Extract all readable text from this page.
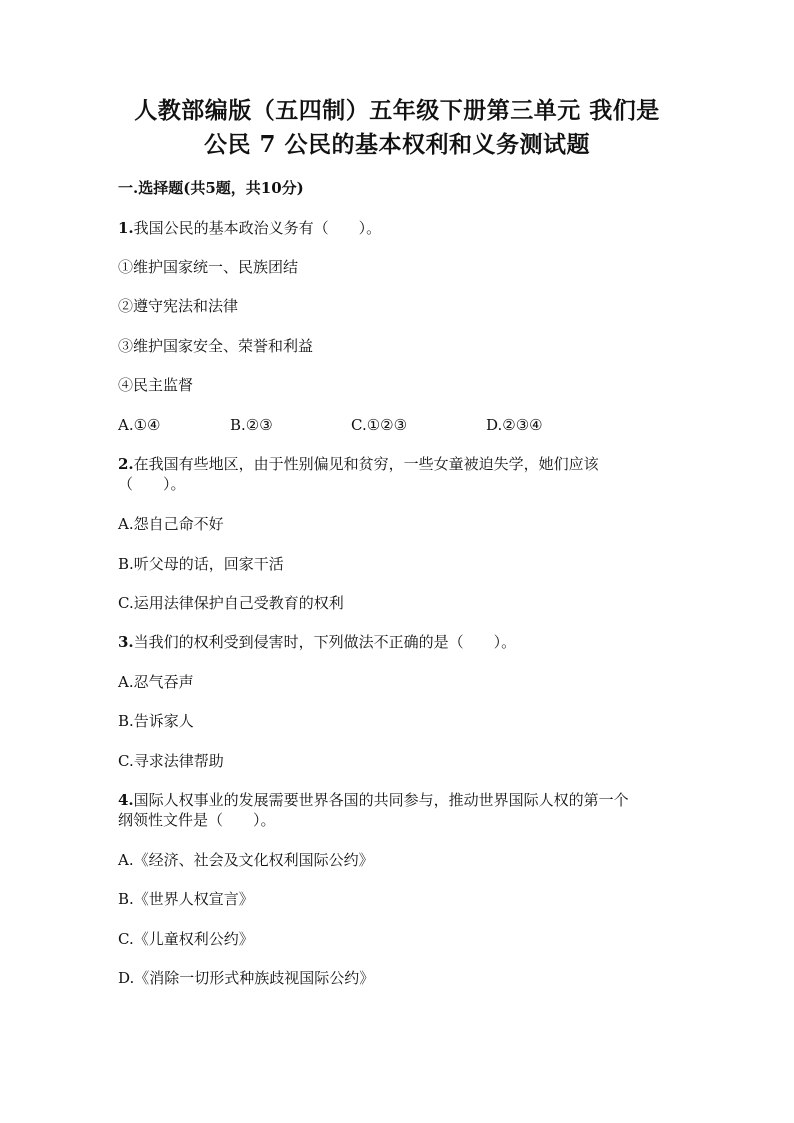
人教部编版（五四制）五年级下册第三单元 我们是
公民 7 公民的基本权利和义务测试题
一.选择题(共5题，共10分)
1.我国公民的基本政治义务有（　　）。
①维护国家统一、民族团结
②遵守宪法和法律
③维护国家安全、荣誉和利益
④民主监督
A.①④	B.②③	C.①②③	D.②③④
2.在我国有些地区，由于性别偏见和贫穷，一些女童被迫失学，她们应该
（　　）。
A.怨自己命不好
B.听父母的话，回家干活
C.运用法律保护自己受教育的权利
3.当我们的权利受到侵害时，下列做法不正确的是（　　）。
A.忍气吞声
B.告诉家人
C.寻求法律帮助
4.国际人权事业的发展需要世界各国的共同参与，推动世界国际人权的第一个
纲领性文件是（　　）。
A.《经济、社会及文化权利国际公约》
B.《世界人权宣言》
C.《儿童权利公约》
D.《消除一切形式种族歧视国际公约》
